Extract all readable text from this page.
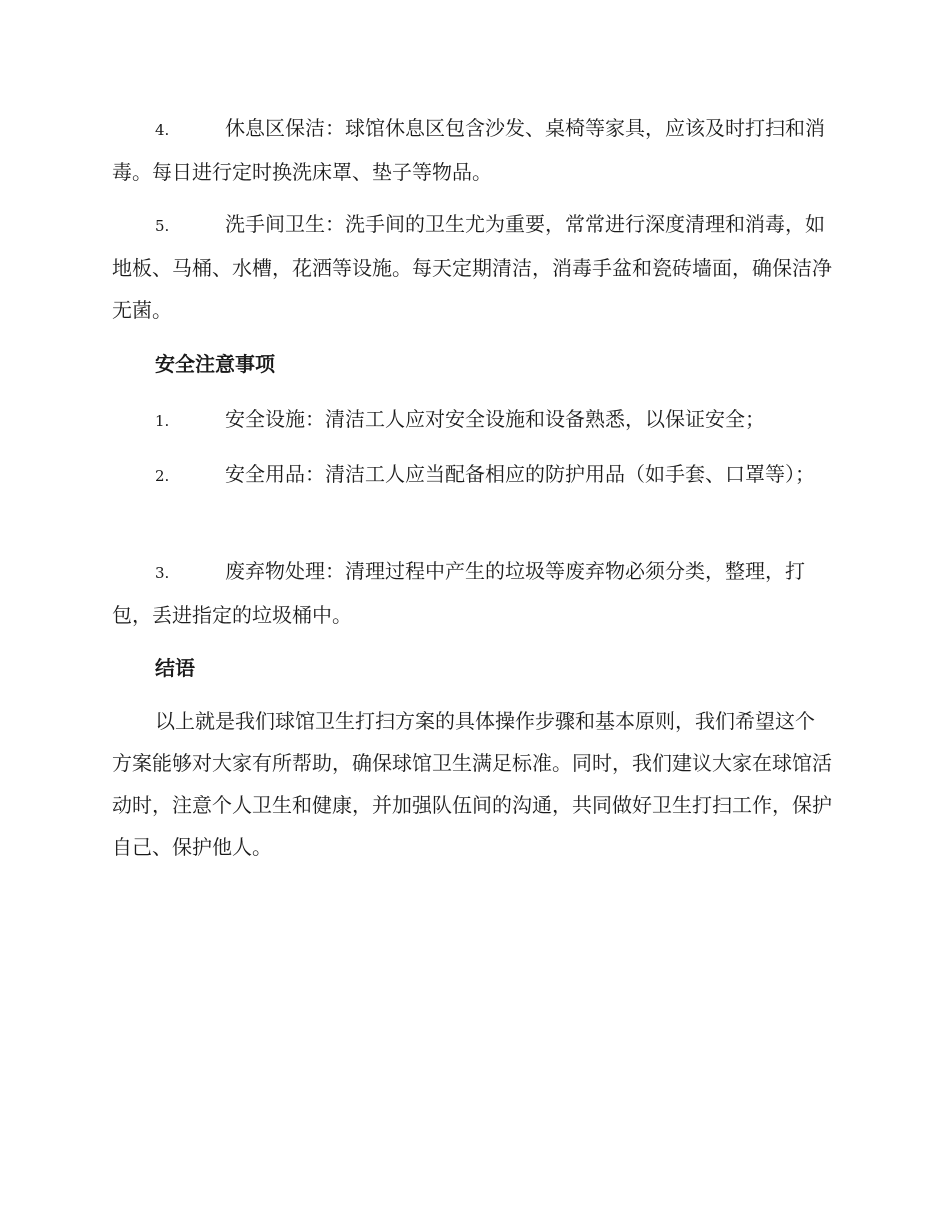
4.	休息区保洁：球馆休息区包含沙发、桌椅等家具，应该及时打扫和消毒。每日进行定时换洗床罩、垫子等物品。
5.	洗手间卫生：洗手间的卫生尤为重要，常常进行深度清理和消毒，如地板、马桶、水槽，花洒等设施。每天定期清洁，消毒手盆和瓷砖墙面，确保洁净无菌。
安全注意事项
1.	安全设施：清洁工人应对安全设施和设备熟悉，以保证安全；
2.	安全用品：清洁工人应当配备相应的防护用品（如手套、口罩等）；
3.	废弃物处理：清理过程中产生的垃圾等废弃物必须分类，整理，打包，丢进指定的垃圾桶中。
结语
以上就是我们球馆卫生打扫方案的具体操作步骤和基本原则，我们希望这个方案能够对大家有所帮助，确保球馆卫生满足标准。同时，我们建议大家在球馆活动时，注意个人卫生和健康，并加强队伍间的沟通，共同做好卫生打扫工作，保护自己、保护他人。
